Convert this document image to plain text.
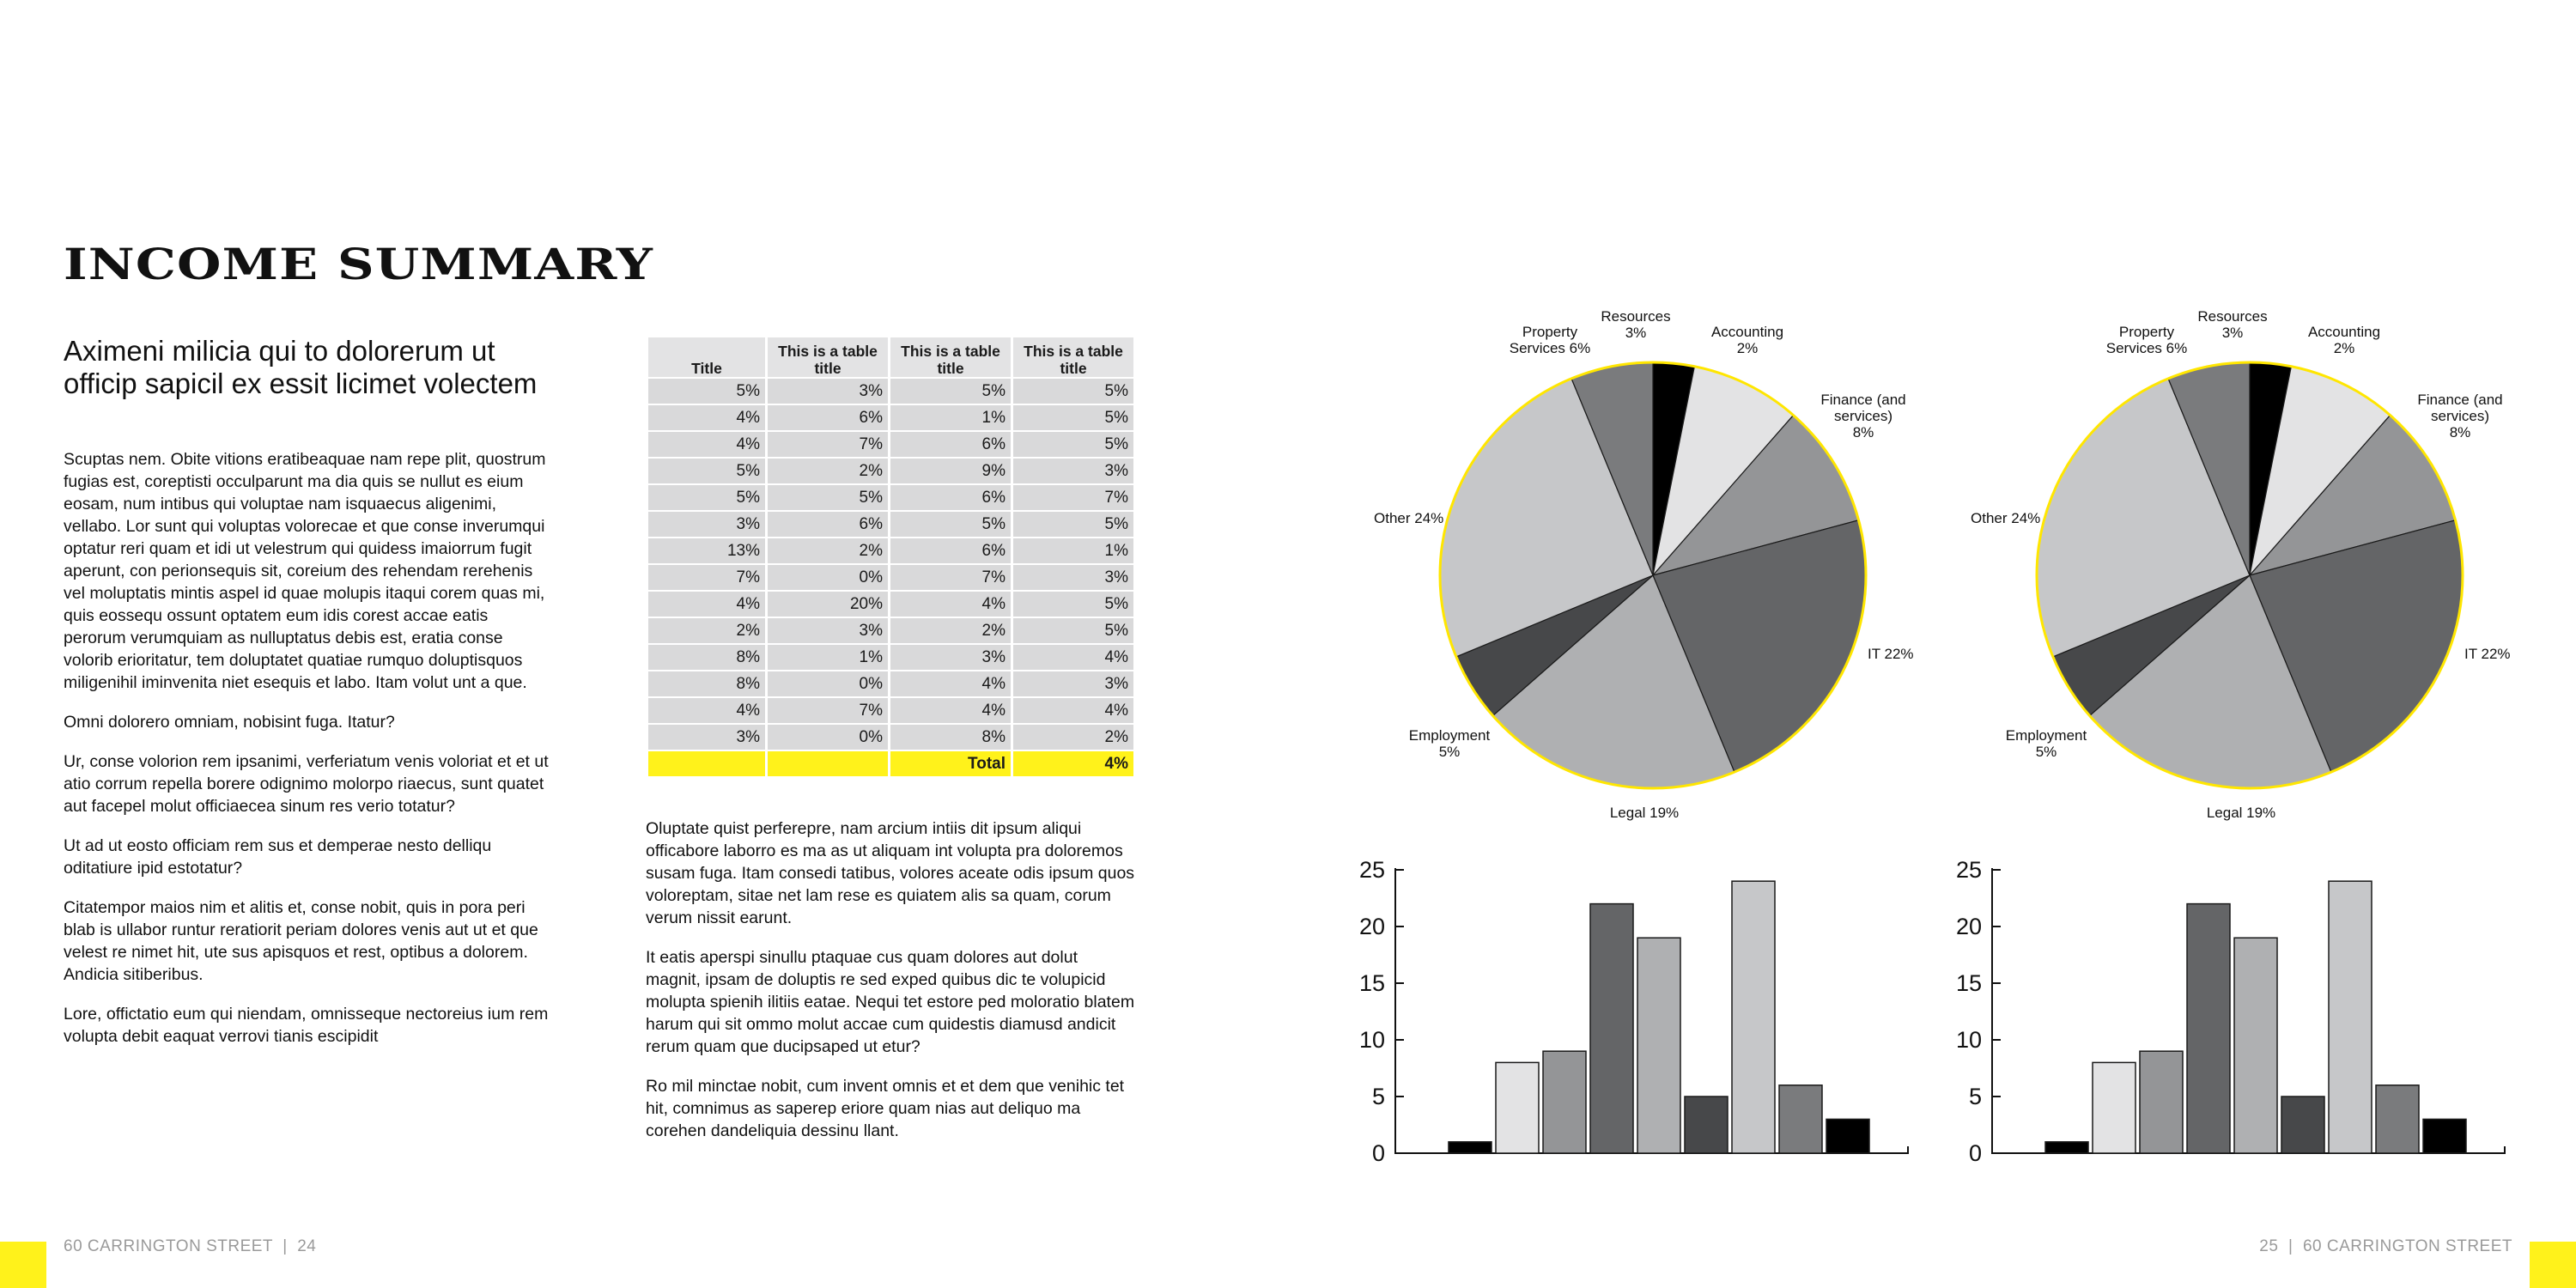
INCOME SUMMARY
Aximeni milicia qui to dolorerum ut officip sapicil ex essit licimet volectem

Scuptas nem. Obite vitions eratibeaquae nam repe plit, quostrum fugias est, coreptisti occulparunt ma dia quis se nullut es eium eosam, num intibus qui voluptae nam isquaecus aligenimi, vellabo. Lor sunt qui voluptas volorecae et que conse inverumqui optatur reri quam et idi ut velestrum qui quidess imaiorrum fugit aperunt, con perionsequis sit, coreium des rehendam rerehenis vel moluptatis mintis aspel id quae molupis itaqui corem quas mi, quis eossequ ossunt optatem eum idis corest accae eatis perorum verumquiam as nulluptatus debis est, eratia conse volorib erioritatur, tem doluptatet quatiae rumquo doluptisquos miligenihil iminvenita niet esequis et labo. Itam volut unt a que.

Omni dolorero omniam, nobisint fuga. Itatur?

Ur, conse volorion rem ipsanimi, verferiatum venis voloriat et et ut atio corrum repella borere odignimo molorpo riaecus, sunt quatet aut facepel molut officiaecea sinum res verio totatur?

Ut ad ut eosto officiam rem sus et demperae nesto delliqu oditatiure ipid estotatur?

Citatempor maios nim et alitis et, conse nobit, quis in pora peri blab is ullabor runtur reratiorit periam dolores venis aut ut et que velest re nimet hit, ute sus apisquos et rest, optibus a dolorem. Andicia sitiberibus.

Lore, offictatio eum qui niendam, omnisseque nectoreius ium rem volupta debit eaquat verrovi tianis escipidit

Title	This is a table title	This is a table title	This is a table title
5%	3%	5%	5%
4%	6%	1%	5%
4%	7%	6%	5%
5%	2%	9%	3%
5%	5%	6%	7%
3%	6%	5%	5%
13%	2%	6%	1%
7%	0%	7%	3%
4%	20%	4%	5%
2%	3%	2%	5%
8%	1%	3%	4%
8%	0%	4%	3%
4%	7%	4%	4%
3%	0%	8%	2%
		Total	4%

Oluptate quist perferepre, nam arcium intiis dit ipsum aliqui officabore laborro es ma as ut aliquam int volupta pra doloremos susam fuga. Itam consedi tatibus, volores aceate odis ipsum quos voloreptam, sitae net lam rese es quiatem alis sa quam, corum verum nissit earunt.

It eatis aperspi sinullu ptaquae cus quam dolores aut dolut magnit, ipsam de doluptis re sed exped quibus dic te volupicid molupta spienih ilitiis eatae. Nequi tet estore ped moloratio blatem harum qui sit ommo molut accae cum quidestis diamusd andicit rerum quam que ducipsaped ut etur?

Ro mil minctae nobit, cum invent omnis et et dem que venihic tet hit, comnimus as saperep eriore quam nias aut deliquo ma corehen dandeliquia dessinu llant.

Resources 3%	Accounting 2%
Finance (and services) 8%
IT 22%
Legal 19%
Employment 5%
Other 24%
Property Services 6%
Resources 3%	Accounting 2%
Finance (and services) 8%
IT 22%
Legal 19%
Employment 5%
Other 24%
Property Services 6%
0
5
10
15
20
25
0
5
10
15
20
25
60 CARRINGTON STREET  |  24	25  |  60 CARRINGTON STREET
